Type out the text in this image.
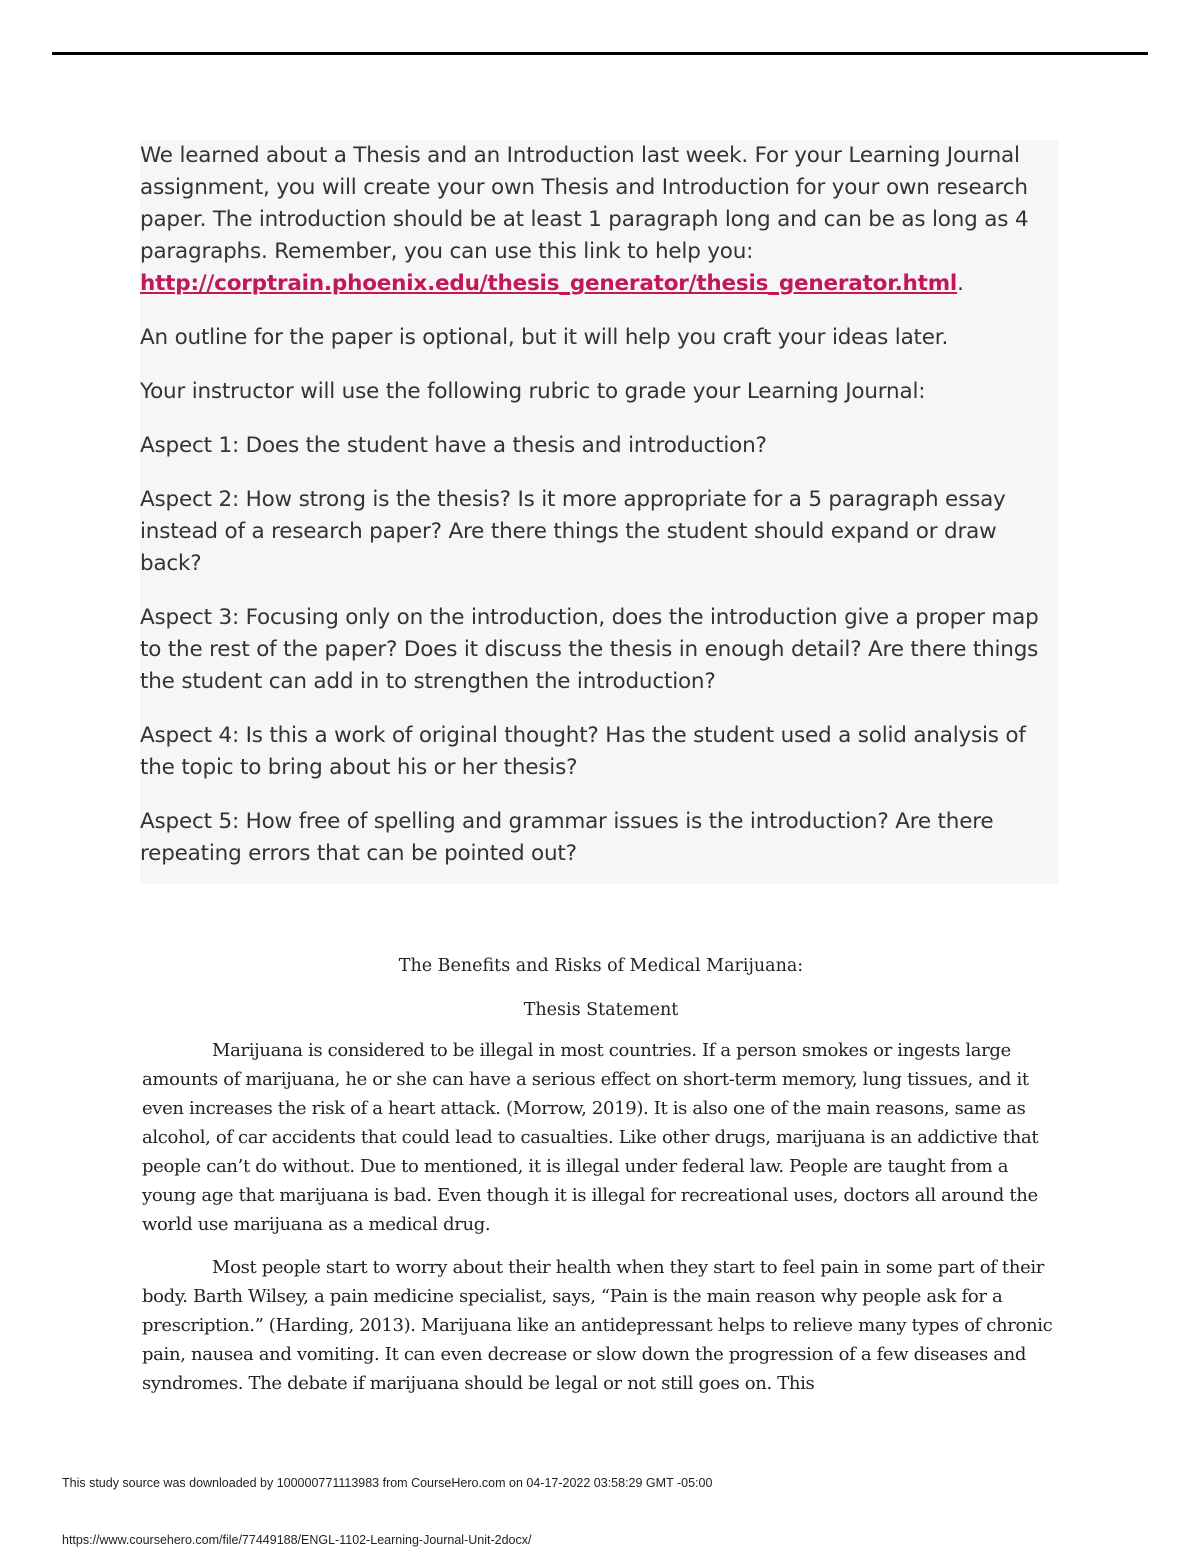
We learned about a Thesis and an Introduction last week. For your Learning Journal assignment, you will create your own Thesis and Introduction for your own research paper. The introduction should be at least 1 paragraph long and can be as long as 4 paragraphs. Remember, you can use this link to help you: http://corptrain.phoenix.edu/thesis_generator/thesis_generator.html.

An outline for the paper is optional, but it will help you craft your ideas later.

Your instructor will use the following rubric to grade your Learning Journal:

Aspect 1: Does the student have a thesis and introduction?

Aspect 2: How strong is the thesis? Is it more appropriate for a 5 paragraph essay instead of a research paper? Are there things the student should expand or draw back?

Aspect 3: Focusing only on the introduction, does the introduction give a proper map to the rest of the paper? Does it discuss the thesis in enough detail? Are there things the student can add in to strengthen the introduction?

Aspect 4: Is this a work of original thought? Has the student used a solid analysis of the topic to bring about his or her thesis?

Aspect 5: How free of spelling and grammar issues is the introduction? Are there repeating errors that can be pointed out?

The Benefits and Risks of Medical Marijuana:

Thesis Statement

Marijuana is considered to be illegal in most countries. If a person smokes or ingests large amounts of marijuana, he or she can have a serious effect on short-term memory, lung tissues, and it even increases the risk of a heart attack. (Morrow, 2019). It is also one of the main reasons, same as alcohol, of car accidents that could lead to casualties. Like other drugs, marijuana is an addictive that people can’t do without. Due to mentioned, it is illegal under federal law. People are taught from a young age that marijuana is bad. Even though it is illegal for recreational uses, doctors all around the world use marijuana as a medical drug.

Most people start to worry about their health when they start to feel pain in some part of their body. Barth Wilsey, a pain medicine specialist, says, “Pain is the main reason why people ask for a prescription.” (Harding, 2013). Marijuana like an antidepressant helps to relieve many types of chronic pain, nausea and vomiting. It can even decrease or slow down the progression of a few diseases and syndromes. The debate if marijuana should be legal or not still goes on. This

This study source was downloaded by 100000771113983 from CourseHero.com on 04-17-2022 03:58:29 GMT -05:00
https://www.coursehero.com/file/77449188/ENGL-1102-Learning-Journal-Unit-2docx/
